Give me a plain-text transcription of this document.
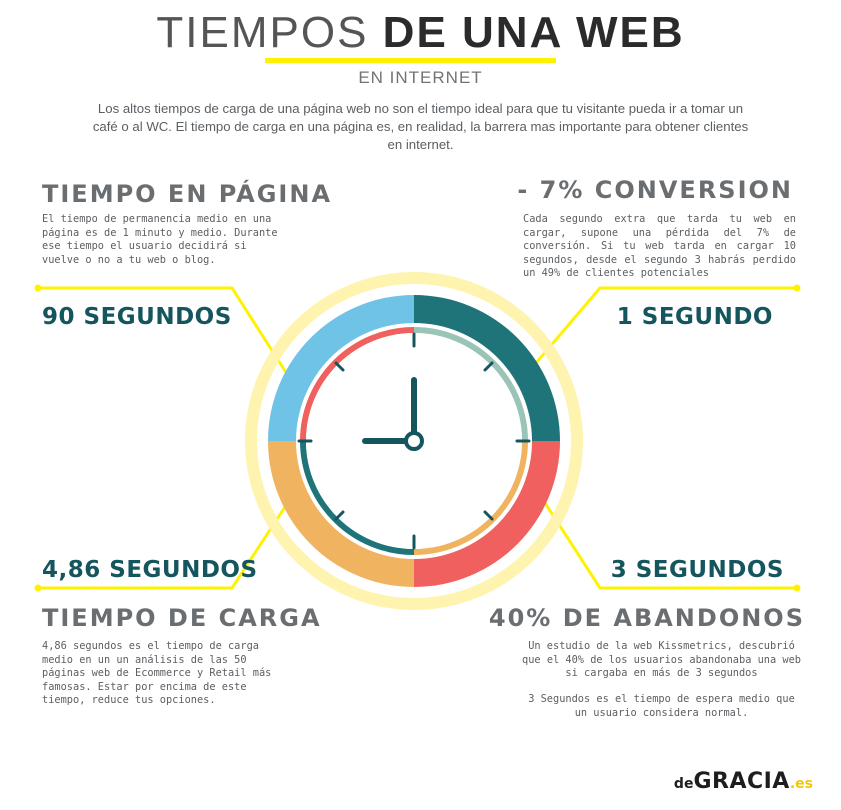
TIEMPOS DE UNA WEB
EN INTERNET
Los altos tiempos de carga de una página web no son el tiempo ideal para que tu visitante pueda ir a tomar un café o al WC. El tiempo de carga en una página es, en realidad, la barrera mas importante para obtener clientes en internet.
TIEMPO EN PÁGINA
El tiempo de permanencia medio en una página es de 1 minuto y medio. Durante ese tiempo el usuario decidirá si vuelve o no a tu web o blog.
90 SEGUNDOS
- 7% CONVERSION
Cada segundo extra que tarda tu web en cargar, supone una pérdida del 7% de conversión. Si tu web tarda en cargar 10 segundos, desde el segundo 3 habrás perdido un 49% de clientes potenciales
1 SEGUNDO
4,86 SEGUNDOS
TIEMPO DE CARGA
4,86 segundos es el tiempo de carga medio en un un análisis de las 50 páginas web de Ecommerce y Retail más famosas. Estar por encima de este tiempo, reduce tus opciones.
3 SEGUNDOS
40% DE ABANDONOS
Un estudio de la web Kissmetrics, descubrió que el 40% de los usuarios abandonaba una web si cargaba en más de 3 segundos
3 Segundos es el tiempo de espera medio que un usuario considera normal.
deGRACIA.es
